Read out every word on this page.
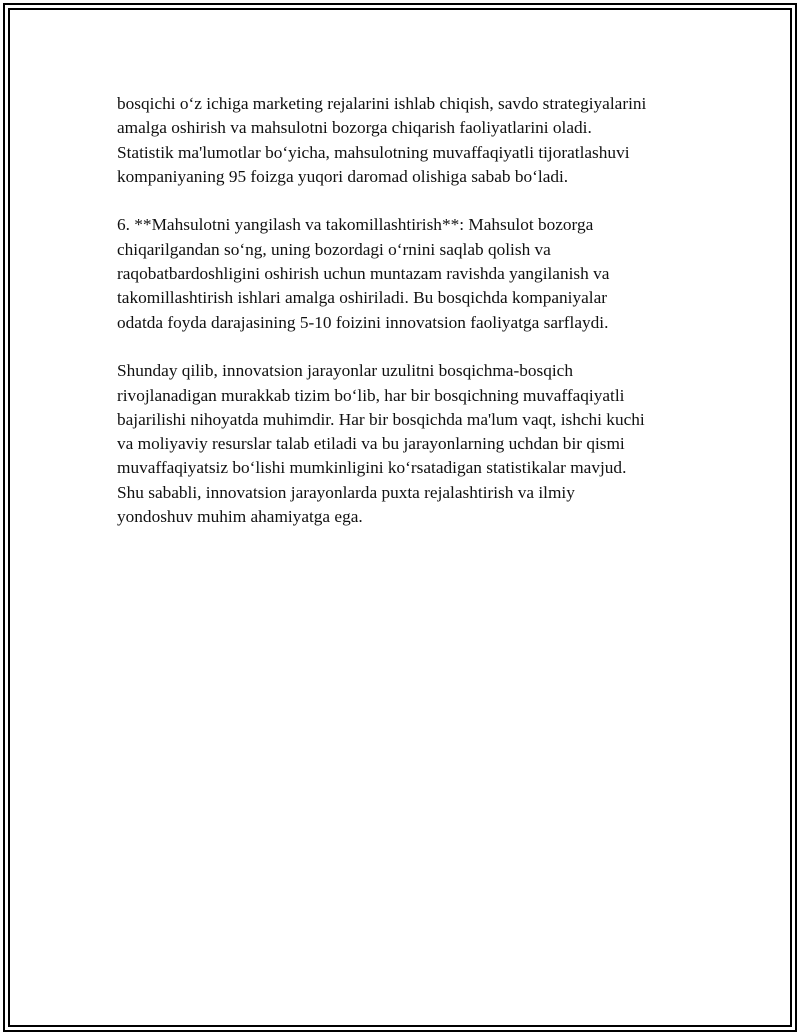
bosqichi o‘z ichiga marketing rejalarini ishlab chiqish, savdo strategiyalarini
amalga oshirish va mahsulotni bozorga chiqarish faoliyatlarini oladi.
Statistik ma'lumotlar bo‘yicha, mahsulotning muvaffaqiyatli tijoratlashuvi
kompaniyaning 95 foizga yuqori daromad olishiga sabab bo‘ladi.

6. **Mahsulotni yangilash va takomillashtirish**: Mahsulot bozorga
chiqarilgandan so‘ng, uning bozordagi o‘rnini saqlab qolish va
raqobatbardoshligini oshirish uchun muntazam ravishda yangilanish va
takomillashtirish ishlari amalga oshiriladi. Bu bosqichda kompaniyalar
odatda foyda darajasining 5-10 foizini innovatsion faoliyatga sarflaydi.

Shunday qilib, innovatsion jarayonlar uzulitni bosqichma-bosqich
rivojlanadigan murakkab tizim bo‘lib, har bir bosqichning muvaffaqiyatli
bajarilishi nihoyatda muhimdir. Har bir bosqichda ma'lum vaqt, ishchi kuchi
va moliyaviy resurslar talab etiladi va bu jarayonlarning uchdan bir qismi
muvaffaqiyatsiz bo‘lishi mumkinligini ko‘rsatadigan statistikalar mavjud.
Shu sababli, innovatsion jarayonlarda puxta rejalashtirish va ilmiy
yondoshuv muhim ahamiyatga ega.
